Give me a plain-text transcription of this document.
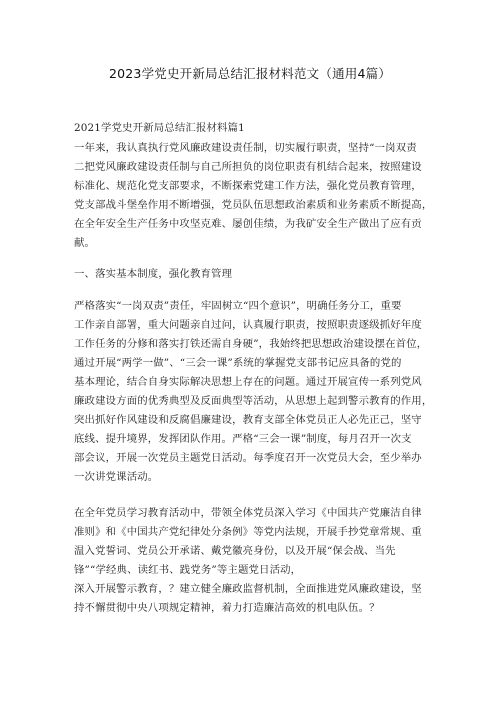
2023学党史开新局总结汇报材料范文（通用4篇）
2021学党史开新局总结汇报材料篇1
一年来，我认真执行党风廉政建设责任制，切实履行职责，坚持“一岗双责
二把党风廉政建设责任制与自己所担负的岗位职责有机结合起来，按照建设
标准化、规范化党支部要求，不断探索党建工作方法，强化党员教育管理，
党支部战斗堡垒作用不断增强，党员队伍思想政治素质和业务素质不断提高，
在全年安全生产任务中攻坚克难、屡创佳绩，为我矿安全生产做出了应有贡
献。
一、落实基本制度，强化教育管理
严格落实“一岗双责”责任，牢固树立“四个意识”，明确任务分工，重要
工作亲自部署，重大问题亲自过问，认真履行职责，按照职责逐级抓好年度
工作任务的分修和落实打铁还需自身硬”，我始终把思想政治建设摆在首位，
通过开展“两学一做”、“三会一课”系统的掌握党支部书记应具备的党的
基本理论，结合自身实际解决思想上存在的问题。通过开展宣传一系列党风
廉政建设方面的优秀典型及反面典型等活动，从思想上起到警示教育的作用，
突出抓好作风建设和反腐倡廉建设，教育支部全体党员正人必先正己，坚守
底线、提升境界，发挥团队作用。严格“三会一课”制度，每月召开一次支
部会议，开展一次党员主题党日活动。每季度召开一次党员大会，至少举办
一次讲党课活动。
在全年党员学习教育活动中，带领全体党员深入学习《中国共产党廉洁自律
准则》和《中国共产党纪律处分条例》等党内法规，开展手抄党章常规、重
温入党誓词、党员公开承诺、戴党徽亮身份，以及开展“保会战、当先
锋”“学经典、读红书、践党务”等主题党日活动，
深入开展警示教育，？建立健全廉政监督机制，全面推进党风廉政建设，坚
持不懈贯彻中央八项规定精神，着力打造廉洁高效的机电队伍。？
